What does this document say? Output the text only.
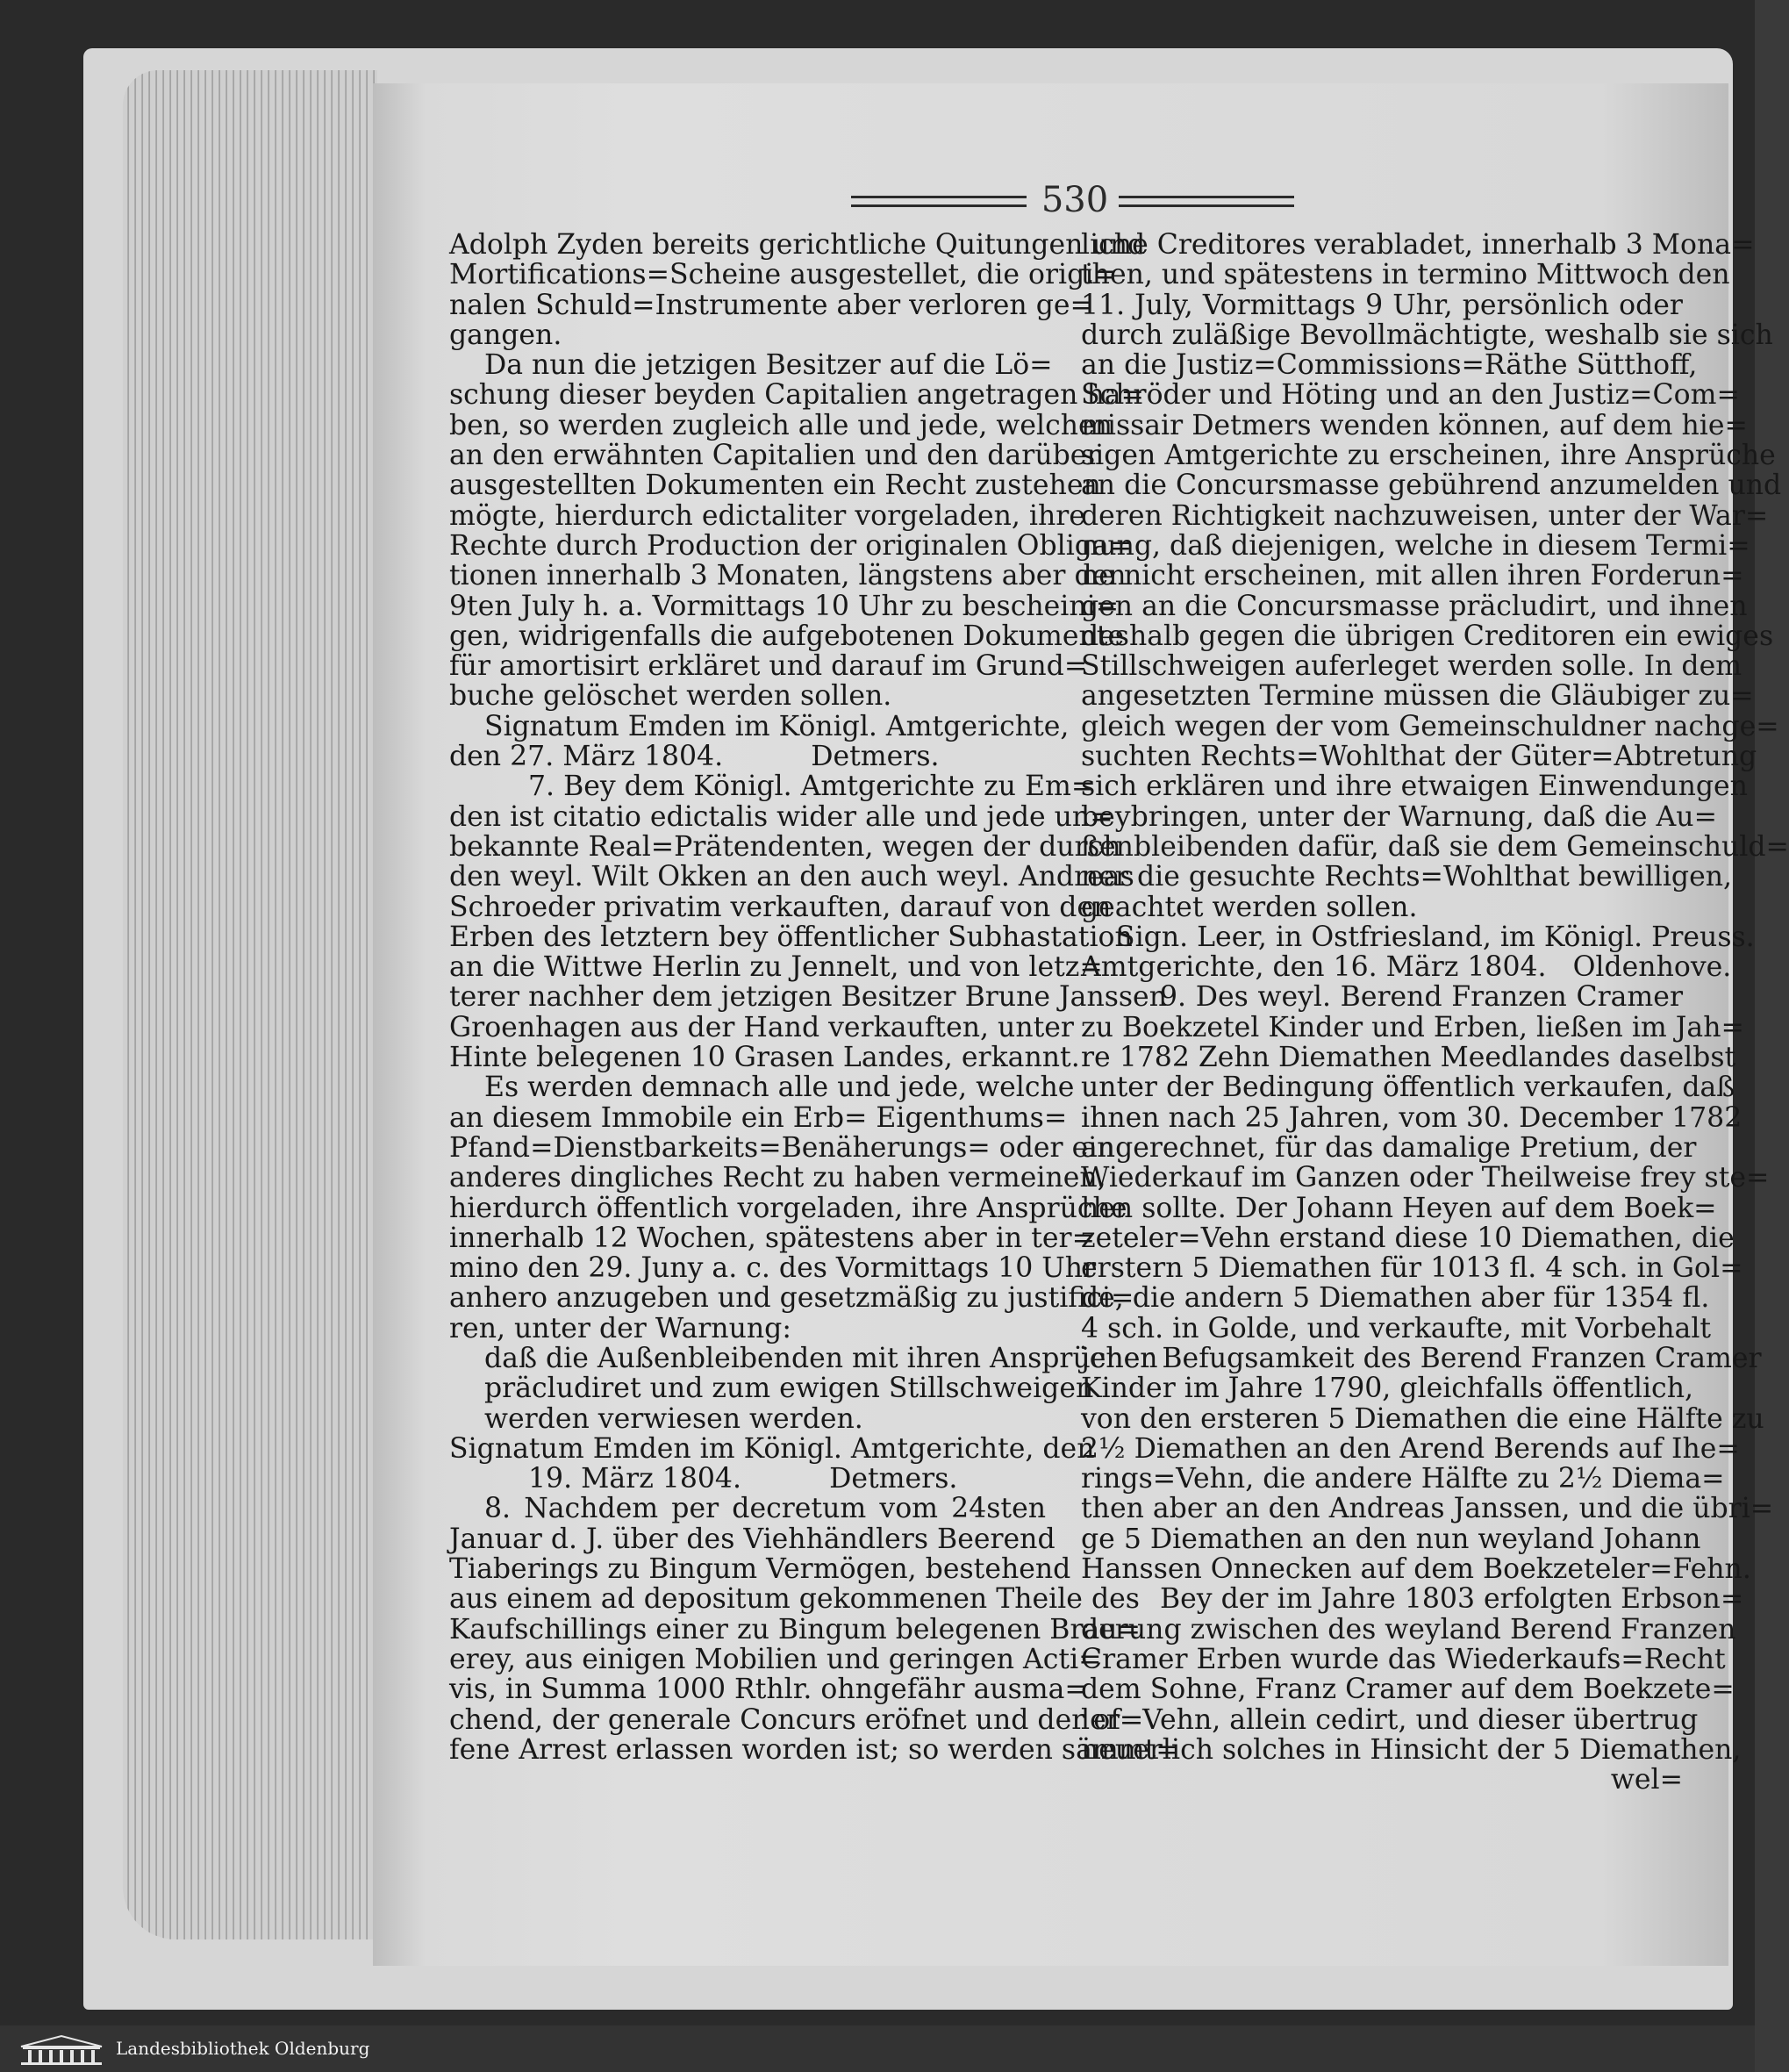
530
Adolph Zyden bereits gerichtliche Quitungen und
Mortifications=Scheine ausgestellet, die origi=
nalen Schuld=Instrumente aber verloren ge=
gangen.
Da nun die jetzigen Besitzer auf die Lö=
schung dieser beyden Capitalien angetragen ha=
ben, so werden zugleich alle und jede, welchen
an den erwähnten Capitalien und den darüber
ausgestellten Dokumenten ein Recht zustehen
mögte, hierdurch edictaliter vorgeladen, ihre
Rechte durch Production der originalen Obliga=
tionen innerhalb 3 Monaten, längstens aber den
9ten July h. a. Vormittags 10 Uhr zu bescheini=
gen, widrigenfalls die aufgebotenen Dokumente
für amortisirt erkläret und darauf im Grund=
buche gelöschet werden sollen.
Signatum Emden im Königl. Amtgerichte,
den 27. März 1804.          Detmers.
7. Bey dem Königl. Amtgerichte zu Em=
den ist citatio edictalis wider alle und jede un=
bekannte Real=Prätendenten, wegen der durch
den weyl. Wilt Okken an den auch weyl. Andreas
Schroeder privatim verkauften, darauf von den
Erben des letztern bey öffentlicher Subhastation
an die Wittwe Herlin zu Jennelt, und von letz=
terer nachher dem jetzigen Besitzer Brune Janssen
Groenhagen aus der Hand verkauften, unter
Hinte belegenen 10 Grasen Landes, erkannt.
Es werden demnach alle und jede, welche
an diesem Immobile ein Erb= Eigenthums=
Pfand=Dienstbarkeits=Benäherungs= oder ein
anderes dingliches Recht zu haben vermeinen,
hierdurch öffentlich vorgeladen, ihre Ansprüche
innerhalb 12 Wochen, spätestens aber in ter=
mino den 29. Juny a. c. des Vormittags 10 Uhr
anhero anzugeben und gesetzmäßig zu justifici=
ren, unter der Warnung:
daß die Außenbleibenden mit ihren Ansprüchen
präcludiret und zum ewigen Stillschweigen
werden verwiesen werden.
Signatum Emden im Königl. Amtgerichte, den
19. März 1804.          Detmers.
8. Nachdem per decretum vom 24sten
Januar d. J. über des Viehhändlers Beerend
Tiaberings zu Bingum Vermögen, bestehend
aus einem ad depositum gekommenen Theile des
Kaufschillings einer zu Bingum belegenen Brau=
erey, aus einigen Mobilien und geringen Acti=
vis, in Summa 1000 Rthlr. ohngefähr ausma=
chend, der generale Concurs eröfnet und der of=
fene Arrest erlassen worden ist; so werden sämmt=
liche Creditores verabladet, innerhalb 3 Mona=
then, und spätestens in termino Mittwoch den
11. July, Vormittags 9 Uhr, persönlich oder
durch zuläßige Bevollmächtigte, weshalb sie sich
an die Justiz=Commissions=Räthe Sütthoff,
Schröder und Höting und an den Justiz=Com=
missair Detmers wenden können, auf dem hie=
sigen Amtgerichte zu erscheinen, ihre Ansprüche
an die Concursmasse gebührend anzumelden und
deren Richtigkeit nachzuweisen, unter der War=
nung, daß diejenigen, welche in diesem Termi=
ne nicht erscheinen, mit allen ihren Forderun=
gen an die Concursmasse präcludirt, und ihnen
deshalb gegen die übrigen Creditoren ein ewiges
Stillschweigen auferleget werden solle. In dem
angesetzten Termine müssen die Gläubiger zu=
gleich wegen der vom Gemeinschuldner nachge=
suchten Rechts=Wohlthat der Güter=Abtretung
sich erklären und ihre etwaigen Einwendungen
beybringen, unter der Warnung, daß die Au=
ßenbleibenden dafür, daß sie dem Gemeinschuld=
ner die gesuchte Rechts=Wohlthat bewilligen,
geachtet werden sollen.
Sign. Leer, in Ostfriesland, im Königl. Preuss.
Amtgerichte, den 16. März 1804.   Oldenhove.
9. Des weyl. Berend Franzen Cramer
zu Boekzetel Kinder und Erben, ließen im Jah=
re 1782 Zehn Diemathen Meedlandes daselbst
unter der Bedingung öffentlich verkaufen, daß
ihnen nach 25 Jahren, vom 30. December 1782
angerechnet, für das damalige Pretium, der
Wiederkauf im Ganzen oder Theilweise frey ste=
hen sollte. Der Johann Heyen auf dem Boek=
zeteler=Vehn erstand diese 10 Diemathen, die
erstern 5 Diemathen für 1013 fl. 4 sch. in Gol=
de, die andern 5 Diemathen aber für 1354 fl.
4 sch. in Golde, und verkaufte, mit Vorbehalt
jener Befugsamkeit des Berend Franzen Cramer
Kinder im Jahre 1790, gleichfalls öffentlich,
von den ersteren 5 Diemathen die eine Hälfte zu
2½ Diemathen an den Arend Berends auf Ihe=
rings=Vehn, die andere Hälfte zu 2½ Diema=
then aber an den Andreas Janssen, und die übri=
ge 5 Diemathen an den nun weyland Johann
Hanssen Onnecken auf dem Boekzeteler=Fehn.
Bey der im Jahre 1803 erfolgten Erbson=
derung zwischen des weyland Berend Franzen
Cramer Erben wurde das Wiederkaufs=Recht
dem Sohne, Franz Cramer auf dem Boekzete=
ler=Vehn, allein cedirt, und dieser übertrug
neuerlich solches in Hinsicht der 5 Diemathen,
wel=
Landesbibliothek Oldenburg
